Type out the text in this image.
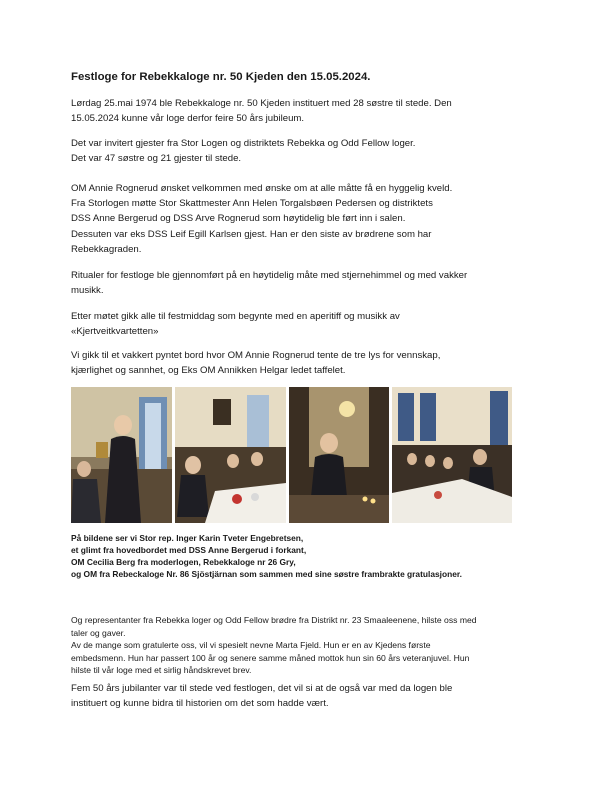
Festloge for Rebekkaloge nr. 50 Kjeden den 15.05.2024.
Lørdag 25.mai 1974 ble Rebekkaloge nr. 50 Kjeden instituert med 28 søstre til stede. Den
15.05.2024 kunne vår loge derfor feire 50 års jubileum.
Det var invitert gjester fra Stor Logen og distriktets Rebekka og Odd Fellow loger.
Det var 47 søstre og 21 gjester til stede.
OM Annie Rognerud ønsket velkommen med ønske om at alle måtte få en hyggelig kveld.
Fra Storlogen møtte Stor Skattmester Ann Helen Torgalsbøen Pedersen og distriktets
DSS Anne Bergerud og DSS Arve Rognerud som høytidelig ble ført inn i salen.
Dessuten var eks DSS Leif Egill Karlsen gjest. Han er den siste av brødrene som har
Rebekkagraden.
Ritualer for festloge ble gjennomført på en høytidelig måte med stjernehimmel og med vakker
musikk.
Etter møtet gikk alle til festmiddag som begynte med en aperitiff og musikk av
«Kjertveitkvartetten»
Vi gikk til et vakkert pyntet bord hvor OM Annie Rognerud tente de tre lys for vennskap,
kjærlighet og sannhet, og Eks OM Annikken Helgar ledet taffelet.
På bildene ser vi Stor rep. Inger Karin Tveter Engebretsen,
et glimt fra hovedbordet med DSS Anne Bergerud i forkant,
OM Cecilia Berg fra moderlogen, Rebekkaloge nr 26 Gry,
og OM fra Rebeckaloge Nr. 86 Sjöstjärnan som sammen med sine søstre frambrakte gratulasjoner.
Og representanter fra Rebekka loger og Odd Fellow brødre fra Distrikt nr. 23 Smaaleenene, hilste oss med
taler og gaver.
Av de mange som gratulerte oss, vil vi spesielt nevne Marta Fjeld. Hun er en av Kjedens første
embedsmenn. Hun har passert 100 år og senere samme måned mottok hun sin 60 års veteranjuvel. Hun
hilste til vår loge med et sirlig håndskrevet brev.
Fem 50 års jubilanter var til stede ved festlogen, det vil si at de også var med da logen ble
instituert og kunne bidra til historien om det som hadde vært.
